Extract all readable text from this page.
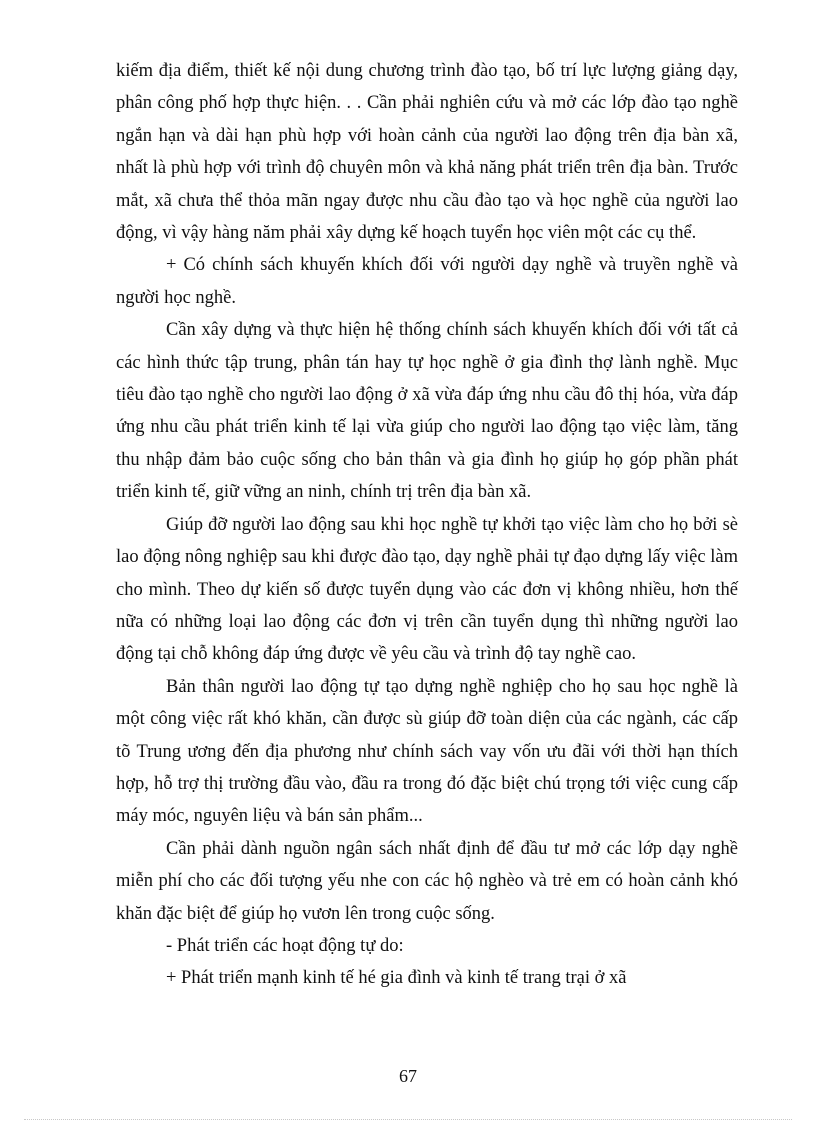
kiếm địa điểm, thiết kế nội dung chương trình đào tạo, bố trí lực lượng giảng dạy, phân công phố hợp thực hiện. . . Cần phải nghiên cứu và mở các lớp đào tạo nghề ngắn hạn và dài hạn phù hợp với hoàn cảnh của người lao động trên địa bàn xã, nhất là phù hợp với trình độ chuyên môn và khả năng phát triển trên địa bàn. Trước mắt, xã chưa thể thỏa mãn ngay được nhu cầu đào tạo và học nghề của người lao động, vì vậy hàng năm phải xây dựng kế hoạch tuyển học viên một các cụ thể.

+ Có chính sách khuyến khích đối với người dạy nghề và truyền nghề và người học nghề.

Cần xây dựng và thực hiện hệ thống chính sách khuyến khích đối với tất cả các hình thức tập trung, phân tán hay tự học nghề ở gia đình thợ lành nghề. Mục tiêu đào tạo nghề cho người lao động ở xã vừa đáp ứng nhu cầu đô thị hóa, vừa đáp ứng nhu cầu phát triển kinh tế lại vừa giúp cho người lao động tạo việc làm, tăng thu nhập đảm bảo cuộc sống cho bản thân và gia đình họ giúp họ góp phần phát triển kinh tế, giữ vững an ninh, chính trị trên địa bàn xã.

Giúp đỡ người lao động sau khi học nghề tự khởi tạo việc làm cho họ bởi sè lao động nông nghiệp sau khi được đào tạo, dạy nghề phải tự đạo dựng lấy việc làm cho mình. Theo dự kiến số được tuyển dụng vào các đơn vị không nhiều, hơn thế nữa có những loại lao động các đơn vị trên cần tuyển dụng thì những người lao động tại chỗ không đáp ứng được về yêu cầu và trình độ tay nghề cao.

Bản thân người lao động tự tạo dựng nghề nghiệp cho họ sau học nghề là một công việc rất khó khăn, cần được sù giúp đỡ toàn diện của các ngành, các cấp tõ Trung ương đến địa phương như chính sách vay vốn ưu đãi với thời hạn thích hợp, hỗ trợ thị trường đầu vào, đầu ra trong đó đặc biệt chú trọng tới việc cung cấp máy móc, nguyên liệu và bán sản phẩm...

Cần phải dành nguồn ngân sách nhất định để đầu tư mở các lớp dạy nghề miễn phí cho các đối tượng yếu nhe con các hộ nghèo và trẻ em có hoàn cảnh khó khăn đặc biệt để giúp họ vươn lên trong cuộc sống.

- Phát triển các hoạt động tự do:

+ Phát triển mạnh kinh tế hé gia đình và kinh tế trang trại ở xã

67
